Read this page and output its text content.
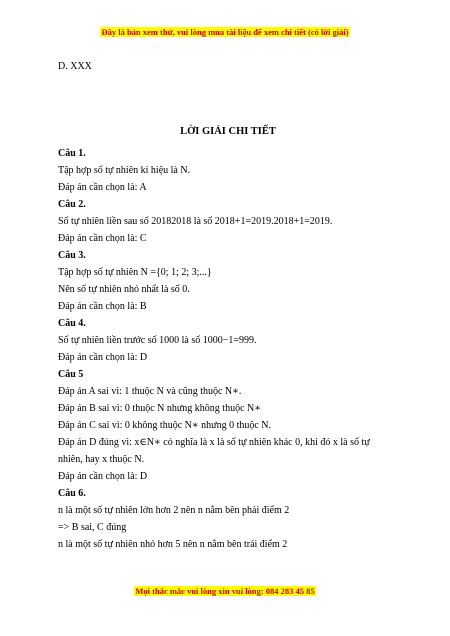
Đây là bản xem thử, vui lòng mua tài liệu để xem chi tiết (có lời giải)

D. XXX

LỜI GIẢI CHI TIẾT

Câu 1.

Tập hợp số tự nhiên kí hiệu là N.

Đáp án cần chọn là: A

Câu 2.

Số tự nhiên liền sau số 20182018 là số 2018+1=2019.2018+1=2019.

Đáp án cần chọn là: C

Câu 3.

Tập hợp số tự nhiên N ={0; 1; 2; 3;...}

Nên số tự nhiên nhỏ nhất là số 0.

Đáp án cần chọn là: B

Câu 4.

Số tự nhiên liền trước số 1000 là số 1000−1=999.

Đáp án cần chọn là: D

Câu 5

Đáp án A sai vì: 1 thuộc N và cũng thuộc N∗.

Đáp án B sai vì: 0 thuộc N nhưng không thuộc N∗

Đáp án C sai vì: 0 không thuộc N∗ nhưng 0 thuộc N.

Đáp án D đúng vì: x∈N∗ có nghĩa là x là số tự nhiên khác 0, khi đó x là số tự

nhiên, hay x thuộc N.

Đáp án cần chọn là: D

Câu 6.

n là một số tự nhiên lớn hơn 2 nên n nằm bên phải điểm 2

=> B sai, C đúng

n là một số tự nhiên nhỏ hơn 5 nên n nằm bên trái điểm 2

Mọi thắc mắc vui lòng xin vui lòng: 084 283 45 85
